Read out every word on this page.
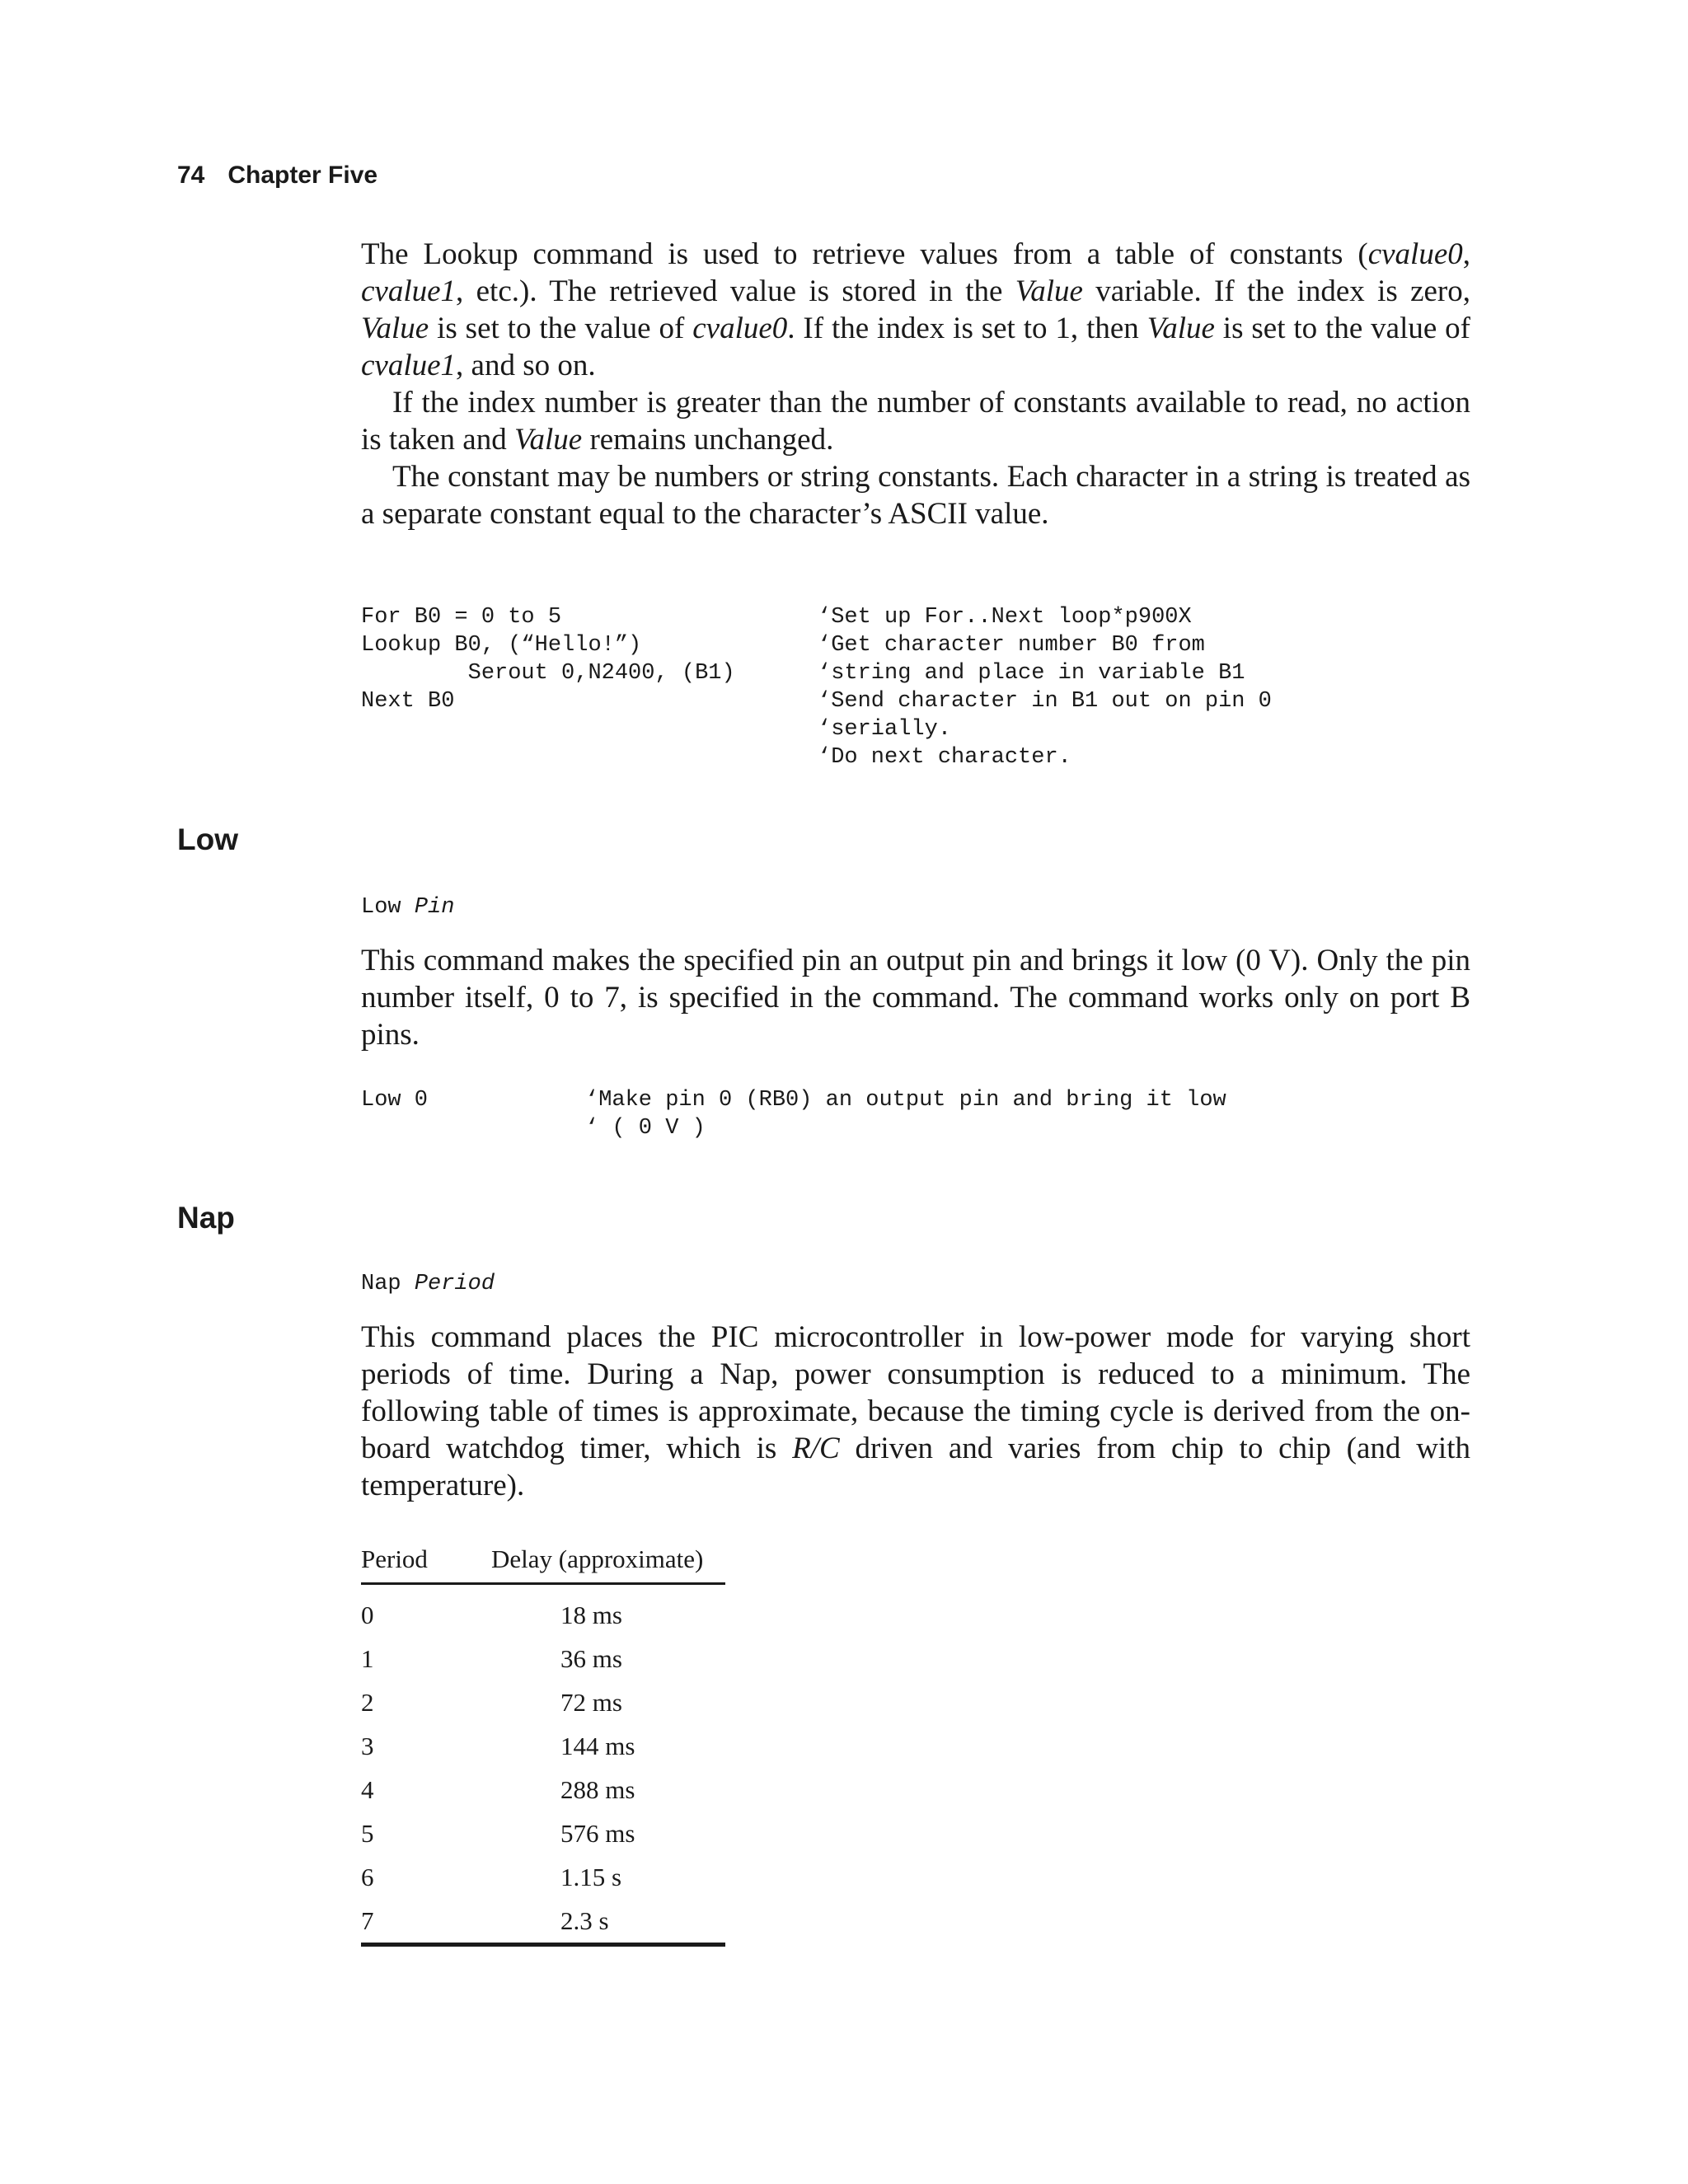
74 Chapter Five

The Lookup command is used to retrieve values from a table of constants (cvalue0, cvalue1, etc.). The retrieved value is stored in the Value variable. If the index is zero, Value is set to the value of cvalue0. If the index is set to 1, then Value is set to the value of cvalue1, and so on.

If the index number is greater than the number of constants available to read, no action is taken and Value remains unchanged.

The constant may be numbers or string constants. Each character in a string is treated as a separate constant equal to the character’s ASCII value.

For B0 = 0 to 5
Lookup B0, (“Hello!”)
Serout 0,N2400, (B1)
Next B0
‘Set up For..Next loop*p900X
‘Get character number B0 from
‘string and place in variable B1
‘Send character in B1 out on pin 0
‘serially.
‘Do next character.
Low
Low Pin

This command makes the specified pin an output pin and brings it low (0 V). Only the pin number itself, 0 to 7, is specified in the command. The command works only on port B pins.

Low 0	‘Make pin 0 (RB0) an output pin and bring it low
‘ ( 0 V )
Nap
Nap Period

This command places the PIC microcontroller in low-power mode for varying short periods of time. During a Nap, power consumption is reduced to a minimum. The following table of times is approximate, because the timing cycle is derived from the on-board watchdog timer, which is R/C driven and varies from chip to chip (and with temperature).

Period	Delay (approximate)
0	18 ms
1	36 ms
2	72 ms
3	144 ms
4	288 ms
5	576 ms
6	1.15 s
7	2.3 s
